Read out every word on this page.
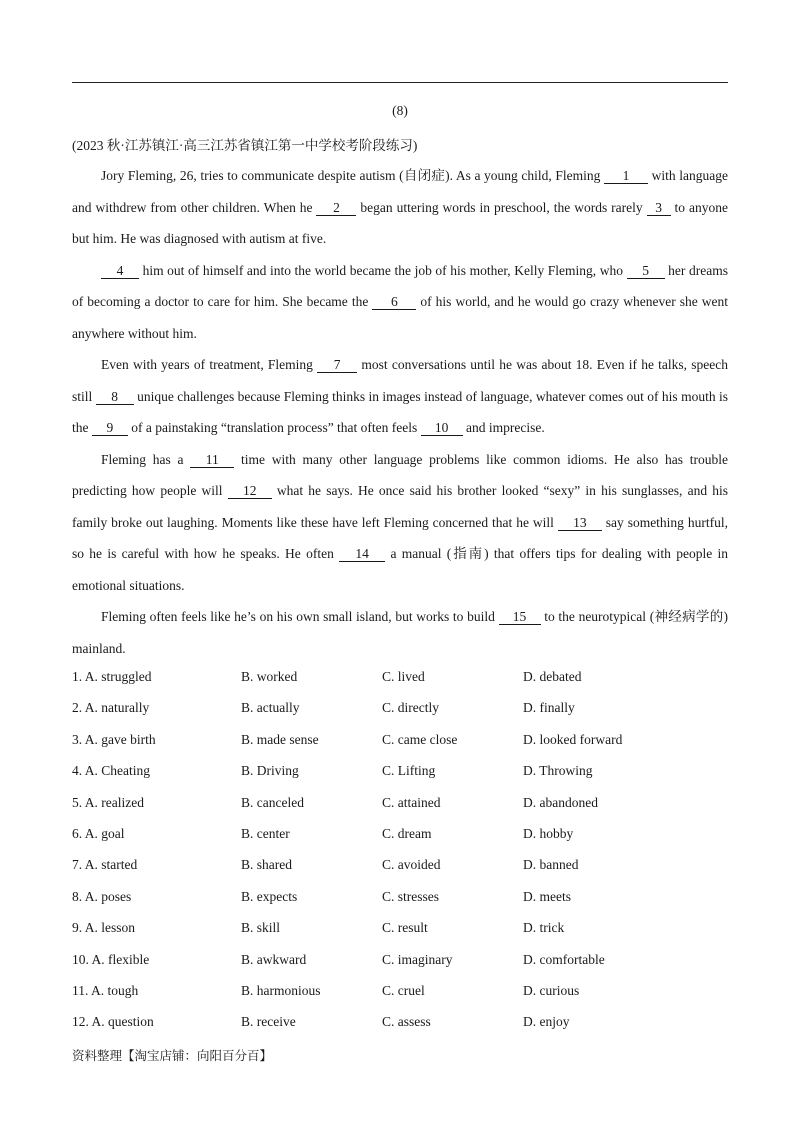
(8)
(2023 秋·江苏镇江·高三江苏省镇江第一中学校考阶段练习)

Jory Fleming, 26, tries to communicate despite autism (自闭症). As a young child, Fleming 1 with language and withdrew from other children. When he 2 began uttering words in preschool, the words rarely 3 to anyone but him. He was diagnosed with autism at five.

4 him out of himself and into the world became the job of his mother, Kelly Fleming, who 5 her dreams of becoming a doctor to care for him. She became the 6 of his world, and he would go crazy whenever she went anywhere without him.

Even with years of treatment, Fleming 7 most conversations until he was about 18. Even if he talks, speech still 8 unique challenges because Fleming thinks in images instead of language, whatever comes out of his mouth is the 9 of a painstaking “translation process” that often feels 10 and imprecise.

Fleming has a 11 time with many other language problems like common idioms. He also has trouble predicting how people will 12 what he says. He once said his brother looked “sexy” in his sunglasses, and his family broke out laughing. Moments like these have left Fleming concerned that he will 13 say something hurtful, so he is careful with how he speaks. He often 14 a manual (指南) that offers tips for dealing with people in emotional situations.

Fleming often feels like he’s on his own small island, but works to build 15 to the neurotypical (神经病学的) mainland.

1. A. struggled	B. worked	C. lived	D. debated
2. A. naturally	B. actually	C. directly	D. finally
3. A. gave birth	B. made sense	C. came close	D. looked forward
4. A. Cheating	B. Driving	C. Lifting	D. Throwing
5. A. realized	B. canceled	C. attained	D. abandoned
6. A. goal	B. center	C. dream	D. hobby
7. A. started	B. shared	C. avoided	D. banned
8. A. poses	B. expects	C. stresses	D. meets
9. A. lesson	B. skill	C. result	D. trick
10. A. flexible	B. awkward	C. imaginary	D. comfortable
11. A. tough	B. harmonious	C. cruel	D. curious
12. A. question	B. receive	C. assess	D. enjoy
资料整理【淘宝店铺：向阳百分百】
